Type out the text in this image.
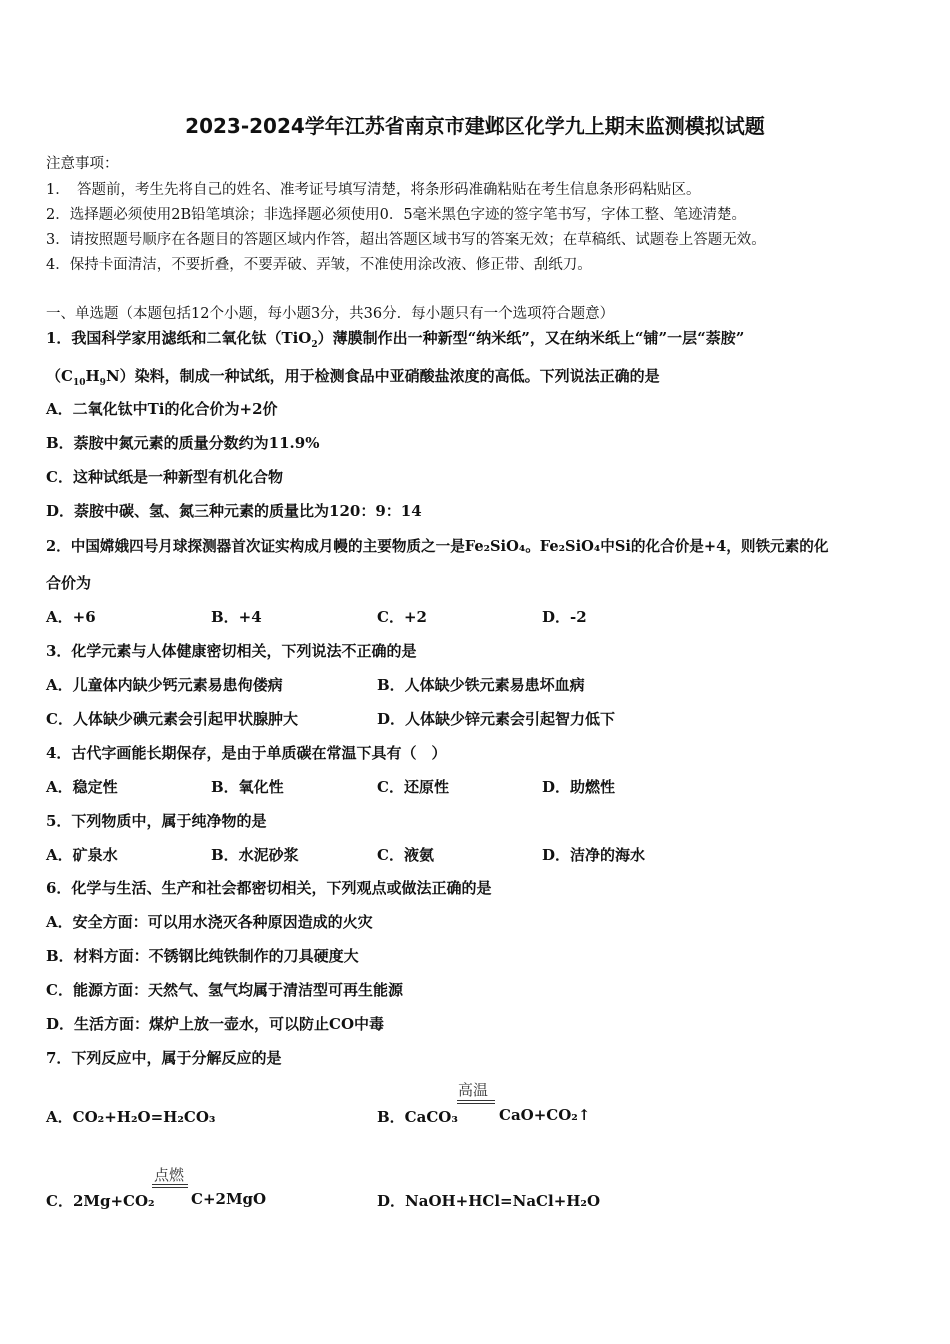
2023-2024学年江苏省南京市建邺区化学九上期末监测模拟试题
注意事项：
1．　答题前，考生先将自己的姓名、准考证号填写清楚，将条形码准确粘贴在考生信息条形码粘贴区。
2．选择题必须使用2B铅笔填涂；非选择题必须使用0．5毫米黑色字迹的签字笔书写，字体工整、笔迹清楚。
3．请按照题号顺序在各题目的答题区域内作答，超出答题区域书写的答案无效；在草稿纸、试题卷上答题无效。
4．保持卡面清洁，不要折叠，不要弄破、弄皱，不准使用涂改液、修正带、刮纸刀。
一、单选题（本题包括12个小题，每小题3分，共36分．每小题只有一个选项符合题意）
1．我国科学家用滤纸和二氧化钛（TiO$_2$）薄膜制作出一种新型“纳米纸”，又在纳米纸上“铺”一层“萘胺”
$(C_{10}H_9N)$染料，制成一种试纸，用于检测食品中亚硝酸盐浓度的高低。下列说法正确的是
A．二氧化钛中Ti的化合价为+2价
B．萘胺中氮元素的质量分数约为11.9%
C．这种试纸是一种新型有机化合物
D．萘胺中碳、氢、氮三种元素的质量比为120：9：14
2．中国嫦娥四号月球探测器首次证实构成月幔的主要物质之一是Fe₂SiO₄。Fe₂SiO₄中Si的化合价是+4，则铁元素的化
合价为
A．+6	B．+4	C．+2	D．-2
3．化学元素与人体健康密切相关，下列说法不正确的是
A．儿童体内缺少钙元素易患佝偻病	B．人体缺少铁元素易患坏血病
C．人体缺少碘元素会引起甲状腺肿大	D．人体缺少锌元素会引起智力低下
4．古代字画能长期保存，是由于单质碳在常温下具有（　）
A．稳定性	B．氧化性	C．还原性	D．助燃性
5．下列物质中，属于纯净物的是
A．矿泉水	B．水泥砂浆	C．液氨	D．洁净的海水
6．化学与生活、生产和社会都密切相关，下列观点或做法正确的是
A．安全方面：可以用水浇灭各种原因造成的火灾
B．材料方面：不锈钢比纯铁制作的刀具硬度大
C．能源方面：天然气、氢气均属于清洁型可再生能源
D．生活方面：煤炉上放一壶水，可以防止CO中毒
7．下列反应中，属于分解反应的是
A．CO₂+H₂O=H₂CO₃	B．CaCO₃
高温
CaO+CO₂↑
C．2Mg+CO₂
点燃
C+2MgO	D．NaOH+HCl=NaCl+H₂O
